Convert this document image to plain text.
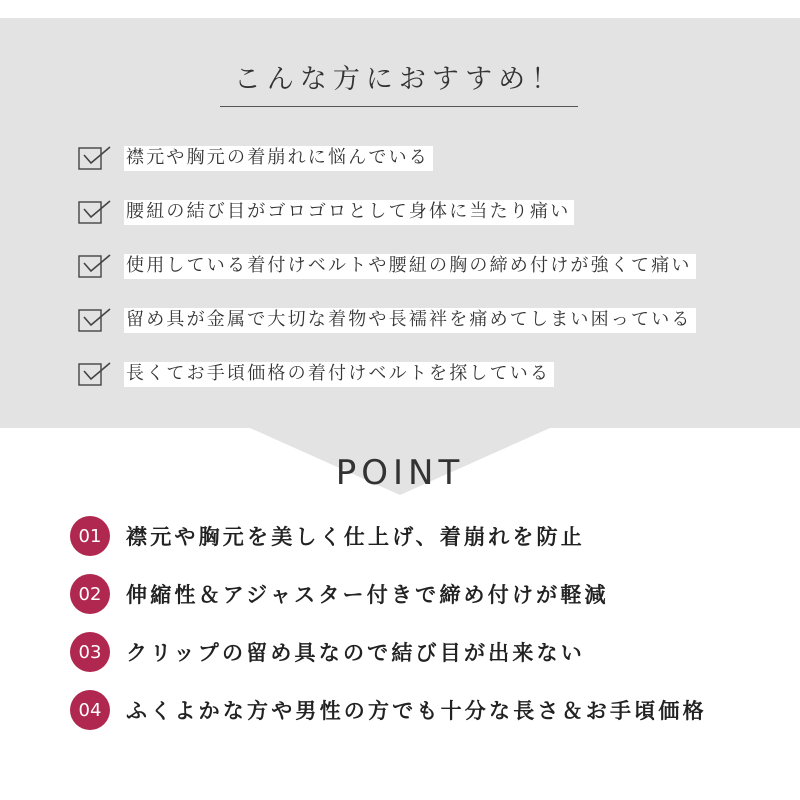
こんな方におすすめ！
襟元や胸元の着崩れに悩んでいる
腰紐の結び目がゴロゴロとして身体に当たり痛い
使用している着付けベルトや腰紐の胸の締め付けが強くて痛い
留め具が金属で大切な着物や長襦袢を痛めてしまい困っている
長くてお手頃価格の着付けベルトを探している
POINT
01	襟元や胸元を美しく仕上げ、着崩れを防止
02	伸縮性＆アジャスター付きで締め付けが軽減
03	クリップの留め具なので結び目が出来ない
04	ふくよかな方や男性の方でも十分な長さ＆お手頃価格
